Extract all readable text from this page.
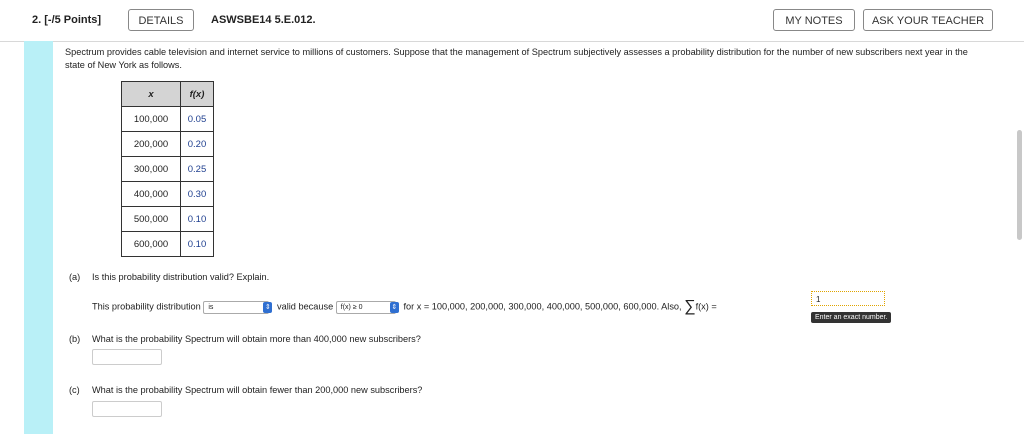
2. [-/5 Points]	DETAILS	ASWSBE14 5.E.012.	MY NOTES	ASK YOUR TEACHER
Spectrum provides cable television and internet service to millions of customers. Suppose that the management of Spectrum subjectively assesses a probability distribution for the number of new subscribers next year in the state of New York as follows.
x	f(x)
100,000	0.05
200,000	0.20
300,000	0.25
400,000	0.30
500,000	0.10
600,000	0.10
(a) Is this probability distribution valid? Explain.
This probability distribution is	⇕ valid because f(x) ≥ 0	⇕ for x = 100,000, 200,000, 300,000, 400,000, 500,000, 600,000. Also, ∑f(x) =
1
Enter an exact number.
(b) What is the probability Spectrum will obtain more than 400,000 new subscribers?
(c) What is the probability Spectrum will obtain fewer than 200,000 new subscribers?
